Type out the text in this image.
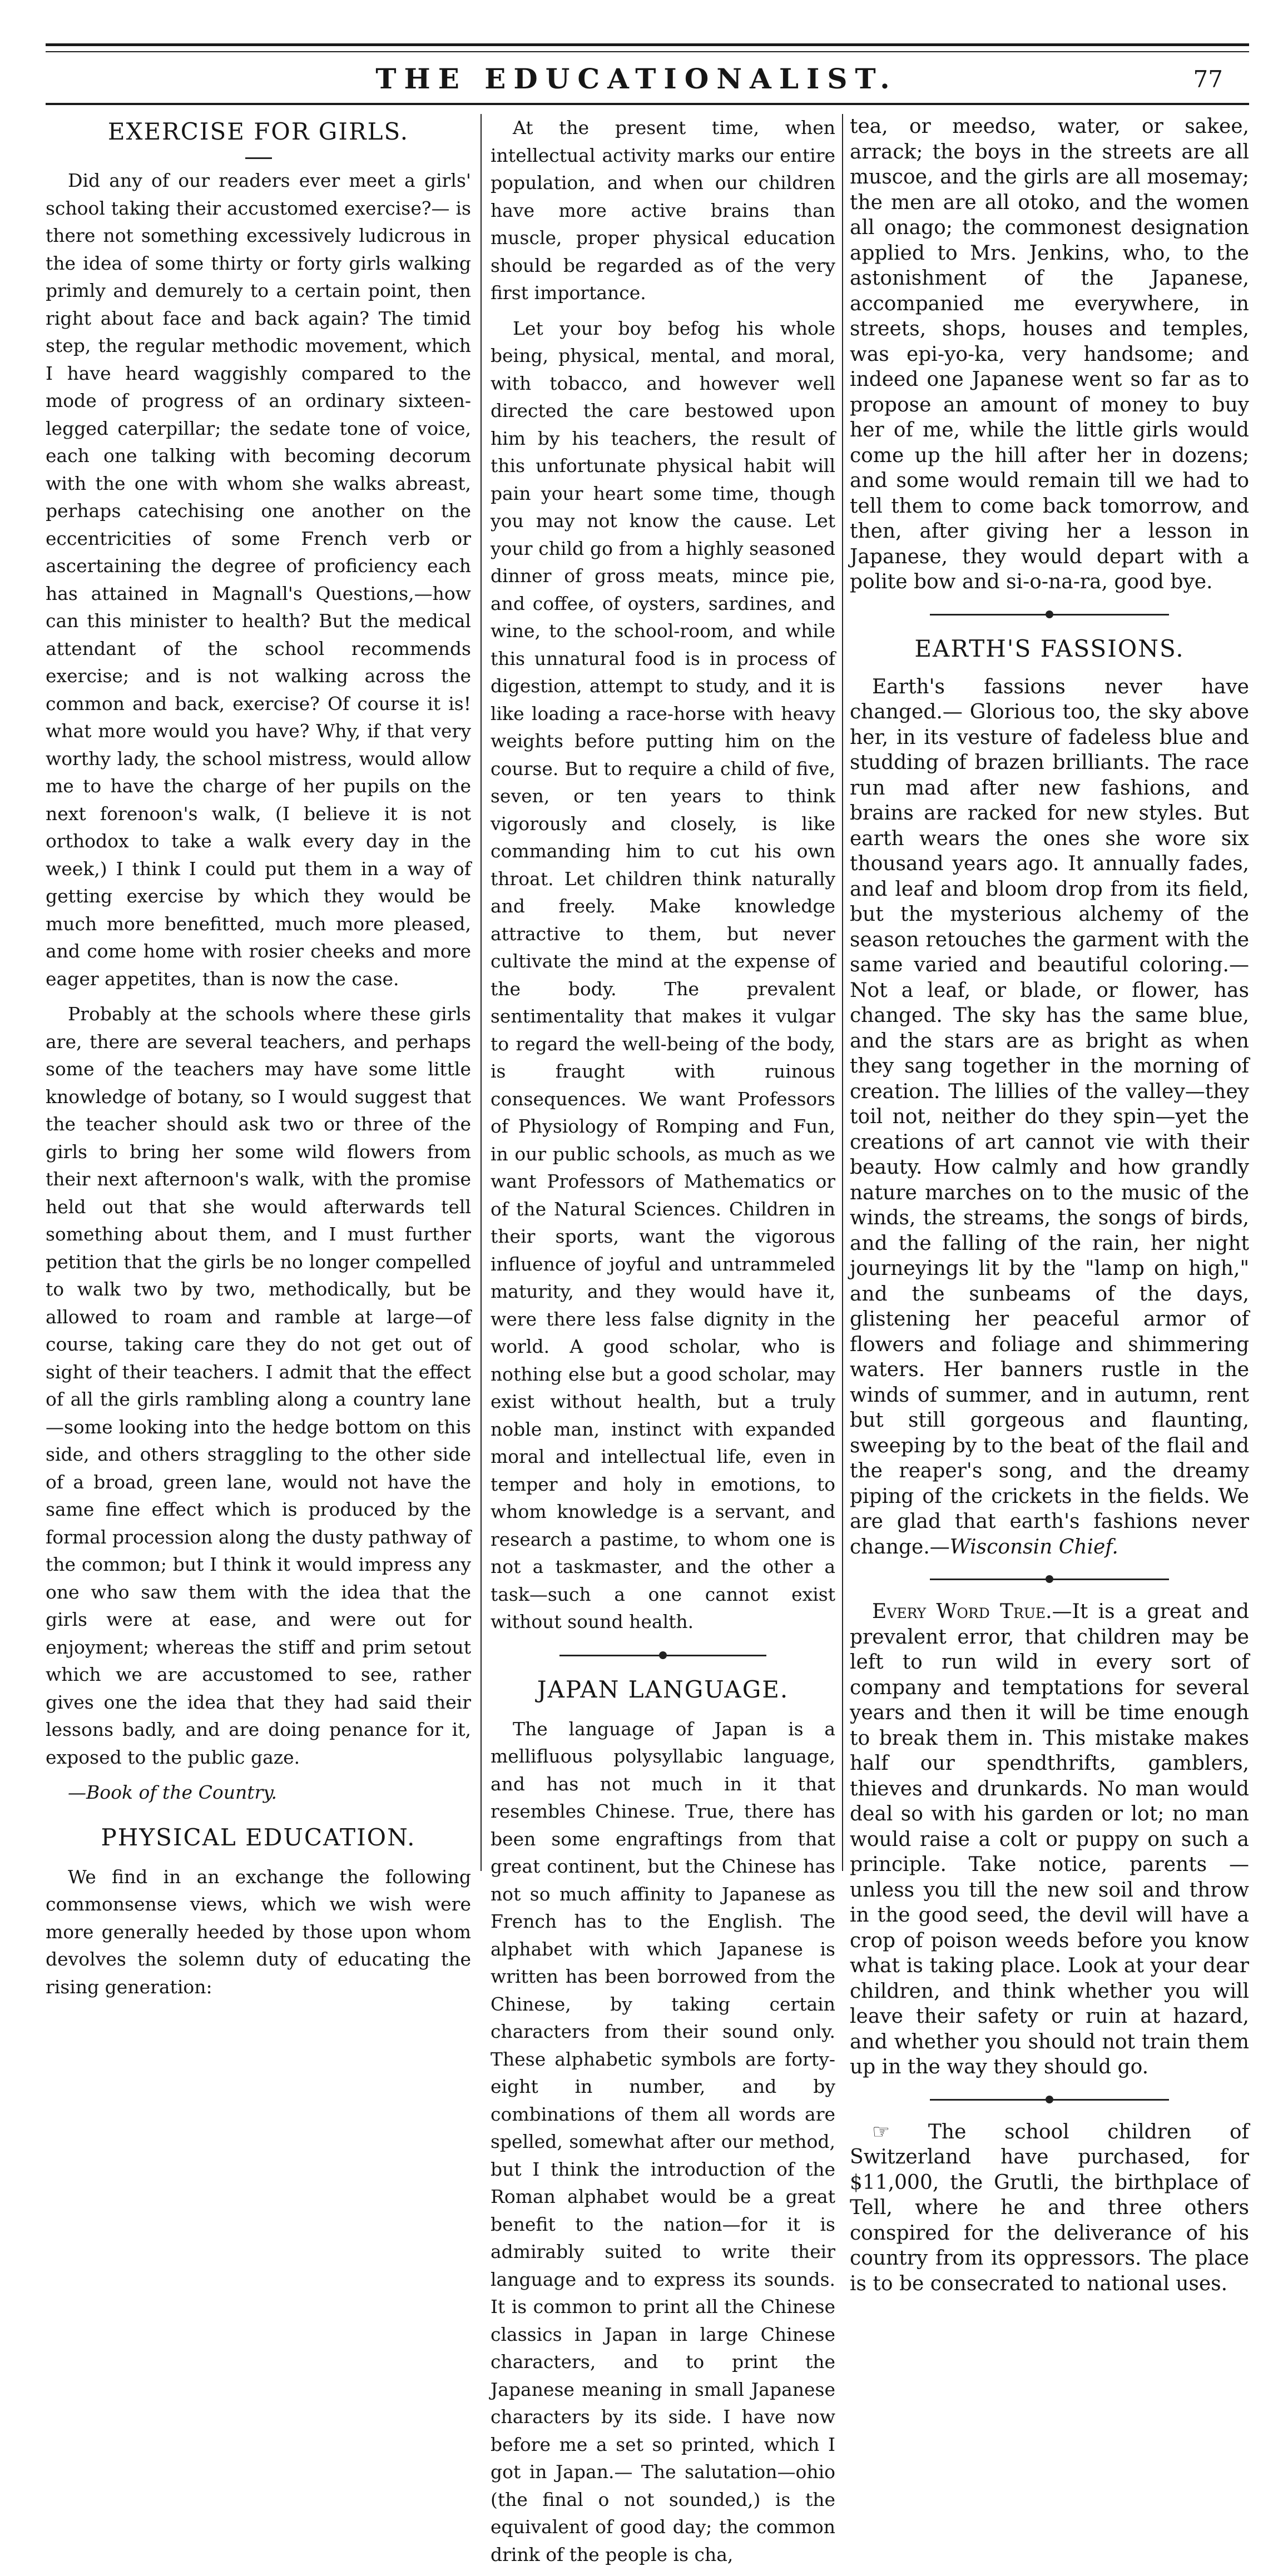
THE EDUCATIONALIST.	77
EXERCISE FOR GIRLS.

Did any of our readers ever meet a girls' school taking their accustomed exercise?— is there not something excessively ludicrous in the idea of some thirty or forty girls walking primly and demurely to a certain point, then right about face and back again? The timid step, the regular methodic movement, which I have heard waggishly compared to the mode of progress of an ordinary sixteen-legged caterpillar; the sedate tone of voice, each one talking with becoming decorum with the one with whom she walks abreast, perhaps catechising one another on the eccentricities of some French verb or ascertaining the degree of proficiency each has attained in Magnall's Questions,—how can this minister to health? But the medical attendant of the school recommends exercise; and is not walking across the common and back, exercise? Of course it is! what more would you have? Why, if that very worthy lady, the school mistress, would allow me to have the charge of her pupils on the next forenoon's walk, (I believe it is not orthodox to take a walk every day in the week,) I think I could put them in a way of getting exercise by which they would be much more benefitted, much more pleased, and come home with rosier cheeks and more eager appetites, than is now the case.

Probably at the schools where these girls are, there are several teachers, and perhaps some of the teachers may have some little knowledge of botany, so I would suggest that the teacher should ask two or three of the girls to bring her some wild flowers from their next afternoon's walk, with the promise held out that she would afterwards tell something about them, and I must further petition that the girls be no longer compelled to walk two by two, methodically, but be allowed to roam and ramble at large—of course, taking care they do not get out of sight of their teachers. I admit that the effect of all the girls rambling along a country lane—some looking into the hedge bottom on this side, and others straggling to the other side of a broad, green lane, would not have the same fine effect which is produced by the formal procession along the dusty pathway of the common; but I think it would impress any one who saw them with the idea that the girls were at ease, and were out for enjoyment; whereas the stiff and prim setout which we are accustomed to see, rather gives one the idea that they had said their lessons badly, and are doing penance for it, exposed to the public gaze.

—Book of the Country.

PHYSICAL EDUCATION.

We find in an exchange the following commonsense views, which we wish were more generally heeded by those upon whom devolves the solemn duty of educating the rising generation:

At the present time, when intellectual activity marks our entire population, and when our children have more active brains than muscle, proper physical education should be regarded as of the very first importance.

Let your boy befog his whole being, physical, mental, and moral, with tobacco, and however well directed the care bestowed upon him by his teachers, the result of this unfortunate physical habit will pain your heart some time, though you may not know the cause. Let your child go from a highly seasoned dinner of gross meats, mince pie, and coffee, of oysters, sardines, and wine, to the school-room, and while this unnatural food is in process of digestion, attempt to study, and it is like loading a race-horse with heavy weights before putting him on the course. But to require a child of five, seven, or ten years to think vigorously and closely, is like commanding him to cut his own throat. Let children think naturally and freely. Make knowledge attractive to them, but never cultivate the mind at the expense of the body. The prevalent sentimentality that makes it vulgar to regard the well-being of the body, is fraught with ruinous consequences. We want Professors of Physiology of Romping and Fun, in our public schools, as much as we want Professors of Mathematics or of the Natural Sciences. Children in their sports, want the vigorous influence of joyful and untrammeled maturity, and they would have it, were there less false dignity in the world. A good scholar, who is nothing else but a good scholar, may exist without health, but a truly noble man, instinct with expanded moral and intellectual life, even in temper and holy in emotions, to whom knowledge is a servant, and research a pastime, to whom one is not a taskmaster, and the other a task—such a one cannot exist without sound health.

JAPAN LANGUAGE.

The language of Japan is a mellifluous polysyllabic language, and has not much in it that resembles Chinese. True, there has been some engraftings from that great continent, but the Chinese has not so much affinity to Japanese as French has to the English. The alphabet with which Japanese is written has been borrowed from the Chinese, by taking certain characters from their sound only. These alphabetic symbols are forty-eight in number, and by combinations of them all words are spelled, somewhat after our method, but I think the introduction of the Roman alphabet would be a great benefit to the nation—for it is admirably suited to write their language and to express its sounds. It is common to print all the Chinese classics in Japan in large Chinese characters, and to print the Japanese meaning in small Japanese characters by its side. I have now before me a set so printed, which I got in Japan.— The salutation—ohio (the final o not sounded,) is the equivalent of good day; the common drink of the people is cha,

tea, or meedso, water, or sakee, arrack; the boys in the streets are all muscoe, and the girls are all mosemay; the men are all otoko, and the women all onago; the commonest designation applied to Mrs. Jenkins, who, to the astonishment of the Japanese, accompanied me everywhere, in streets, shops, houses and temples, was epi-yo-ka, very handsome; and indeed one Japanese went so far as to propose an amount of money to buy her of me, while the little girls would come up the hill after her in dozens; and some would remain till we had to tell them to come back tomorrow, and then, after giving her a lesson in Japanese, they would depart with a polite bow and si-o-na-ra, good bye.

EARTH'S FASSIONS.

Earth's fassions never have changed.— Glorious too, the sky above her, in its vesture of fadeless blue and studding of brazen brilliants. The race run mad after new fashions, and brains are racked for new styles. But earth wears the ones she wore six thousand years ago. It annually fades, and leaf and bloom drop from its field, but the mysterious alchemy of the season retouches the garment with the same varied and beautiful coloring.— Not a leaf, or blade, or flower, has changed. The sky has the same blue, and the stars are as bright as when they sang together in the morning of creation. The lillies of the valley—they toil not, neither do they spin—yet the creations of art cannot vie with their beauty. How calmly and how grandly nature marches on to the music of the winds, the streams, the songs of birds, and the falling of the rain, her night journeyings lit by the "lamp on high," and the sunbeams of the days, glistening her peaceful armor of flowers and foliage and shimmering waters. Her banners rustle in the winds of summer, and in autumn, rent but still gorgeous and flaunting, sweeping by to the beat of the flail and the reaper's song, and the dreamy piping of the crickets in the fields. We are glad that earth's fashions never change.—Wisconsin Chief.

Every Word True.—It is a great and prevalent error, that children may be left to run wild in every sort of company and temptations for several years and then it will be time enough to break them in. This mistake makes half our spendthrifts, gamblers, thieves and drunkards. No man would deal so with his garden or lot; no man would raise a colt or puppy on such a principle. Take notice, parents —unless you till the new soil and throw in the good seed, the devil will have a crop of poison weeds before you know what is taking place. Look at your dear children, and think whether you will leave their safety or ruin at hazard, and whether you should not train them up in the way they should go.

☞ The school children of Switzerland have purchased, for $11,000, the Grutli, the birthplace of Tell, where he and three others conspired for the deliverance of his country from its oppressors. The place is to be consecrated to national uses.
